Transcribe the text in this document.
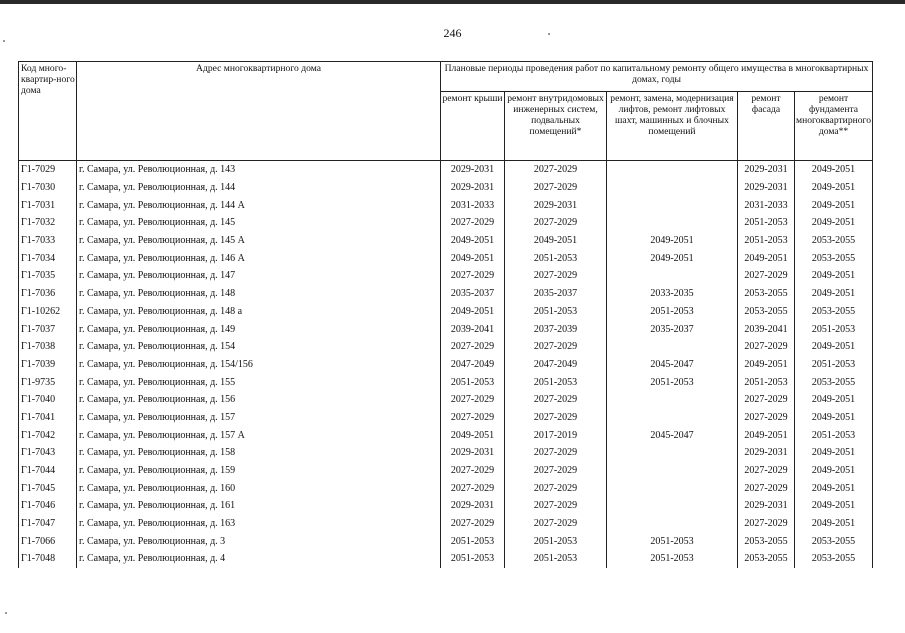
246
Код много-квартир-ного дома	Адрес многоквартирного дома	Плановые периоды проведения работ по капитальному ремонту общего имущества в многоквартирных домах, годы				
		ремонт крыши	ремонт внутридомовых инженерных систем, подвальных помещений*	ремонт, замена, модернизация лифтов, ремонт лифтовых шахт, машинных и блочных помещений	ремонт фасада	ремонт фундамента многоквартирного дома**
Г1-7029	г. Самара, ул. Революционная, д. 143	2029-2031	2027-2029		2029-2031	2049-2051
Г1-7030	г. Самара, ул. Революционная, д. 144	2029-2031	2027-2029		2029-2031	2049-2051
Г1-7031	г. Самара, ул. Революционная, д. 144 А	2031-2033	2029-2031		2031-2033	2049-2051
Г1-7032	г. Самара, ул. Революционная, д. 145	2027-2029	2027-2029		2051-2053	2049-2051
Г1-7033	г. Самара, ул. Революционная, д. 145 А	2049-2051	2049-2051	2049-2051	2051-2053	2053-2055
Г1-7034	г. Самара, ул. Революционная, д. 146 А	2049-2051	2051-2053	2049-2051	2049-2051	2053-2055
Г1-7035	г. Самара, ул. Революционная, д. 147	2027-2029	2027-2029		2027-2029	2049-2051
Г1-7036	г. Самара, ул. Революционная, д. 148	2035-2037	2035-2037	2033-2035	2053-2055	2049-2051
Г1-10262	г. Самара, ул. Революционная, д. 148 а	2049-2051	2051-2053	2051-2053	2053-2055	2053-2055
Г1-7037	г. Самара, ул. Революционная, д. 149	2039-2041	2037-2039	2035-2037	2039-2041	2051-2053
Г1-7038	г. Самара, ул. Революционная, д. 154	2027-2029	2027-2029		2027-2029	2049-2051
Г1-7039	г. Самара, ул. Революционная, д. 154/156	2047-2049	2047-2049	2045-2047	2049-2051	2051-2053
Г1-9735	г. Самара, ул. Революционная, д. 155	2051-2053	2051-2053	2051-2053	2051-2053	2053-2055
Г1-7040	г. Самара, ул. Революционная, д. 156	2027-2029	2027-2029		2027-2029	2049-2051
Г1-7041	г. Самара, ул. Революционная, д. 157	2027-2029	2027-2029		2027-2029	2049-2051
Г1-7042	г. Самара, ул. Революционная, д. 157 А	2049-2051	2017-2019	2045-2047	2049-2051	2051-2053
Г1-7043	г. Самара, ул. Революционная, д. 158	2029-2031	2027-2029		2029-2031	2049-2051
Г1-7044	г. Самара, ул. Революционная, д. 159	2027-2029	2027-2029		2027-2029	2049-2051
Г1-7045	г. Самара, ул. Революционная, д. 160	2027-2029	2027-2029		2027-2029	2049-2051
Г1-7046	г. Самара, ул. Революционная, д. 161	2029-2031	2027-2029		2029-2031	2049-2051
Г1-7047	г. Самара, ул. Революционная, д. 163	2027-2029	2027-2029		2027-2029	2049-2051
Г1-7066	г. Самара, ул. Революционная, д. 3	2051-2053	2051-2053	2051-2053	2053-2055	2053-2055
Г1-7048	г. Самара, ул. Революционная, д. 4	2051-2053	2051-2053	2051-2053	2053-2055	2053-2055
